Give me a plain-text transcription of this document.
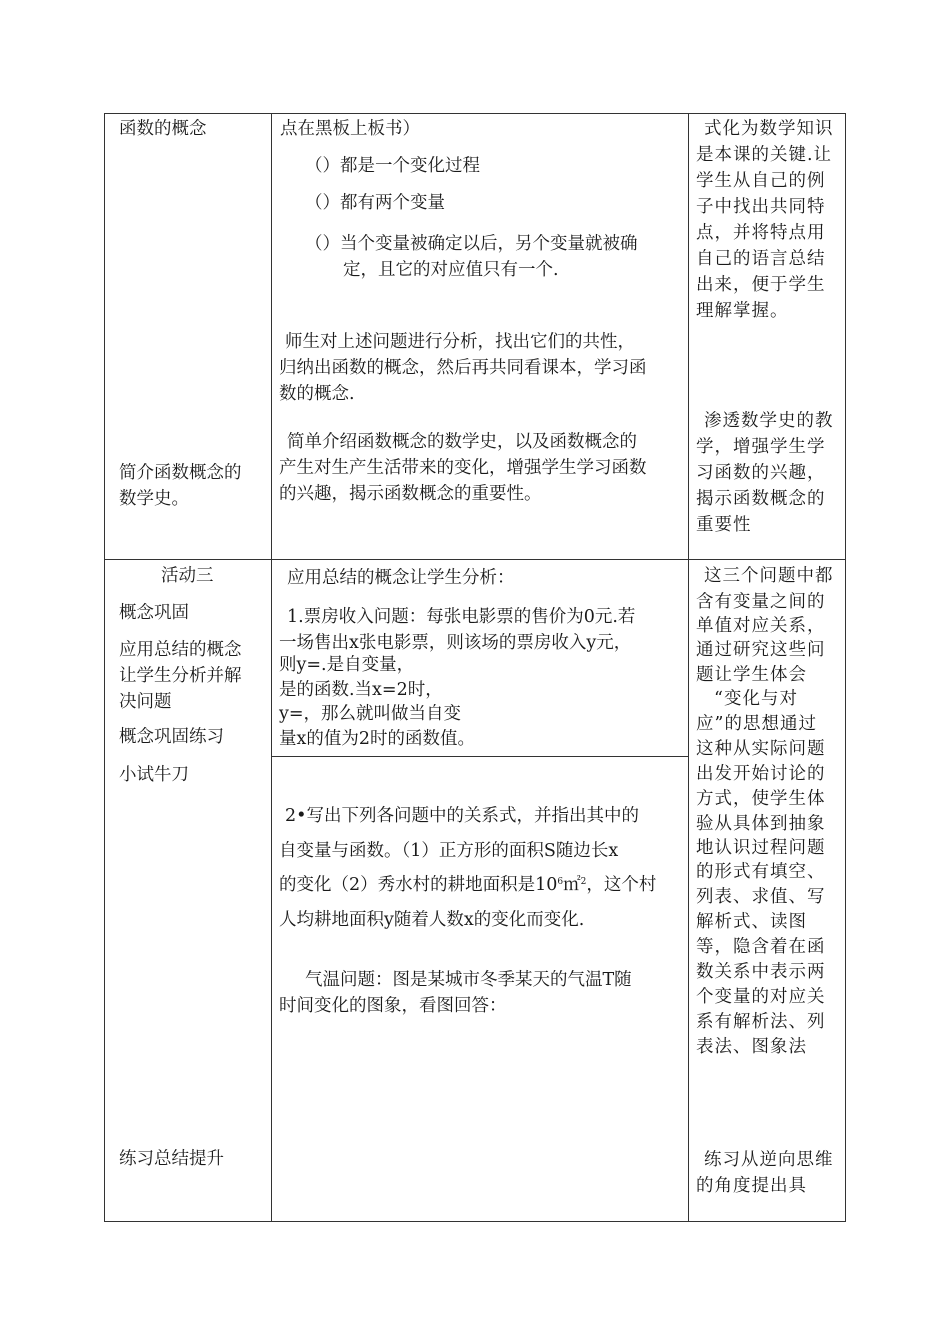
函数的概念

简介函数概念的

数学史。

点在黑板上板书）

（）都是一个变化过程

（）都有两个变量

（）当个变量被确定以后，另个变量就被确

定，且它的对应值只有一个.

师生对上述问题进行分析，找出它们的共性，

归纳出函数的概念，然后再共同看课本，学习函

数的概念.

简单介绍函数概念的数学史，以及函数概念的

产生对生产生活带来的变化，增强学生学习函数

的兴趣，揭示函数概念的重要性。

式化为数学知识

是本课的关键.让

学生从自己的例

子中找出共同特

点，并将特点用

自己的语言总结

出来，便于学生

理解掌握。

渗透数学史的教

学，增强学生学

习函数的兴趣，

揭示函数概念的

重要性

活动三

概念巩固

应用总结的概念

让学生分析并解

决问题

概念巩固练习

小试牛刀

练习总结提升

应用总结的概念让学生分析：

1.票房收入问题：每张电影票的售价为0元.若

一场售出x张电影票，则该场的票房收入y元，

则y=.是自变量，

是的函数.当x=2时，

y=，那么就叫做当自变

量x的值为2时的函数值。

2•写出下列各问题中的关系式，并指出其中的

自变量与函数。（1）正方形的面积S随边长x

的变化（2）秀水村的耕地面积是$10^6㎡^2$，这个村

人均耕地面积y随着人数x的变化而变化.

气温问题：图是某城市冬季某天的气温T随

时间变化的图象，看图回答：

这三个问题中都

含有变量之间的

单值对应关系，

通过研究这些问

题让学生体会

“变化与对

应”的思想通过

这种从实际问题

出发开始讨论的

方式，使学生体

验从具体到抽象

地认识过程问题

的形式有填空、

列表、求值、写

解析式、读图

等，隐含着在函

数关系中表示两

个变量的对应关

系有解析法、列

表法、图象法

练习从逆向思维

的角度提出具
